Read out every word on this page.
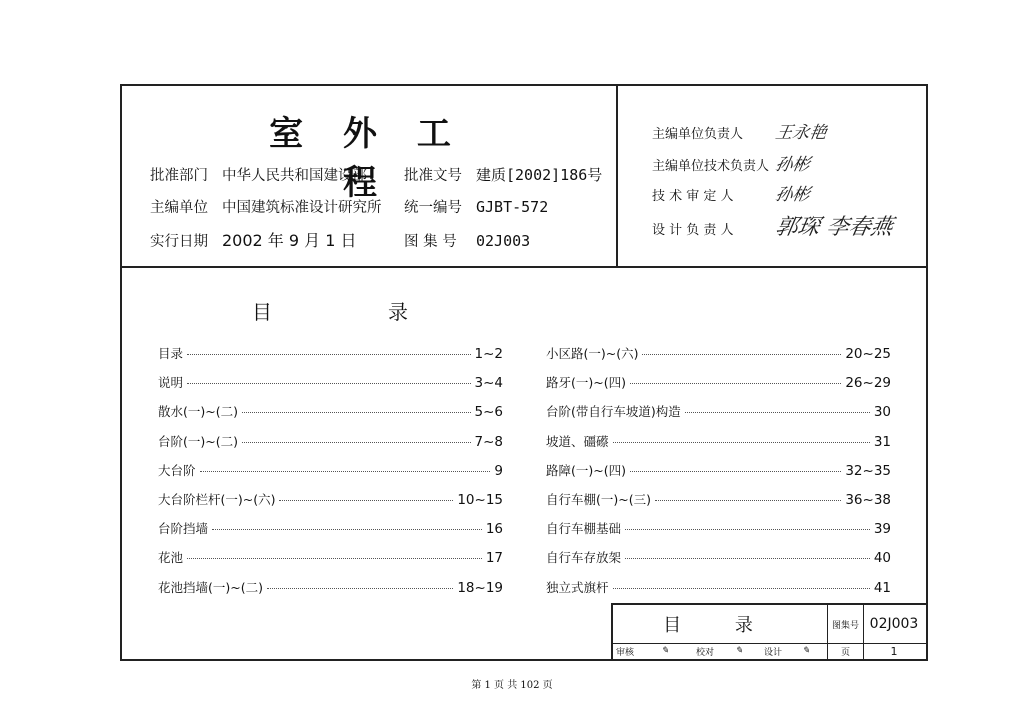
室 外 工 程
批准部门 中华人民共和国建设部	批准文号 建质[2002]186号
主编单位 中国建筑标准设计研究所 统一编号 GJBT-572
实行日期 2002 年 9 月 1 日	图 集 号 02J003
主编单位负责人 王永艳
主编单位技术负责人 孙彬
技 术 审 定 人 孙彬
设 计 负 责 人 郭琛 李春燕
目	录
目录	1~2
说明	3~4
散水(一)~(二)	5~6
台阶(一)~(二)	7~8
大台阶	9
大台阶栏杆(一)~(六)	10~15
台阶挡墙	16
花池	17
花池挡墙(一)~(二)	18~19
小区路(一)~(六)	20~25
路牙(一)~(四)	26~29
台阶(带自行车坡道)构造	30
坡道、礓礤	31
路障(一)~(四)	32~35
自行车棚(一)~(三)	36~38
自行车棚基础	39
自行车存放架	40
独立式旗杆	41
目 录	图集号 02J003
审核	✎	校对	✎	设计	✎	页	1
第 1 页 共 102 页
